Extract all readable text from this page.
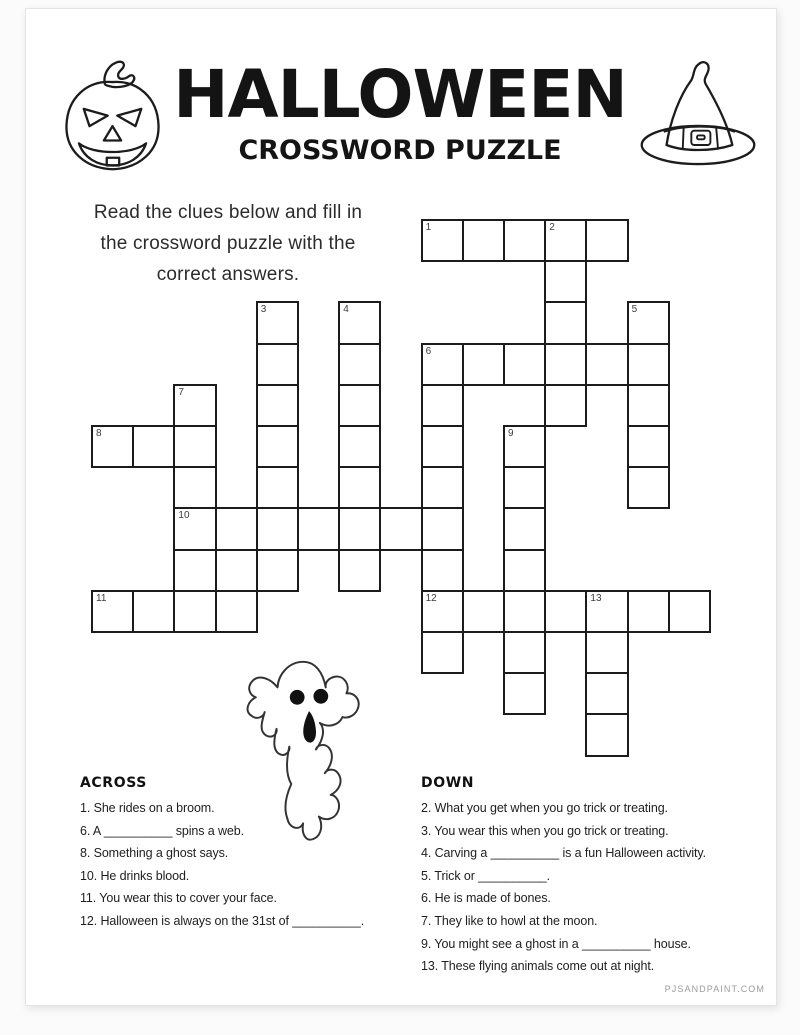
HALLOWEEN
CROSSWORD PUZZLE
Read the clues below and fill in
the crossword puzzle with the
correct answers.
1	2
3	4	5
6
7
8	9
10
11	12	13
ACROSS
1. She rides on a broom.
6. A __________ spins a web.
8. Something a ghost says.
10. He drinks blood.
11. You wear this to cover your face.
12. Halloween is always on the 31st of __________.
DOWN
2. What you get when you go trick or treating.
3. You wear this when you go trick or treating.
4. Carving a __________ is a fun Halloween activity.
5. Trick or __________.
6. He is made of bones.
7. They like to howl at the moon.
9. You might see a ghost in a __________ house.
13. These flying animals come out at night.
PJSANDPAINT.COM
